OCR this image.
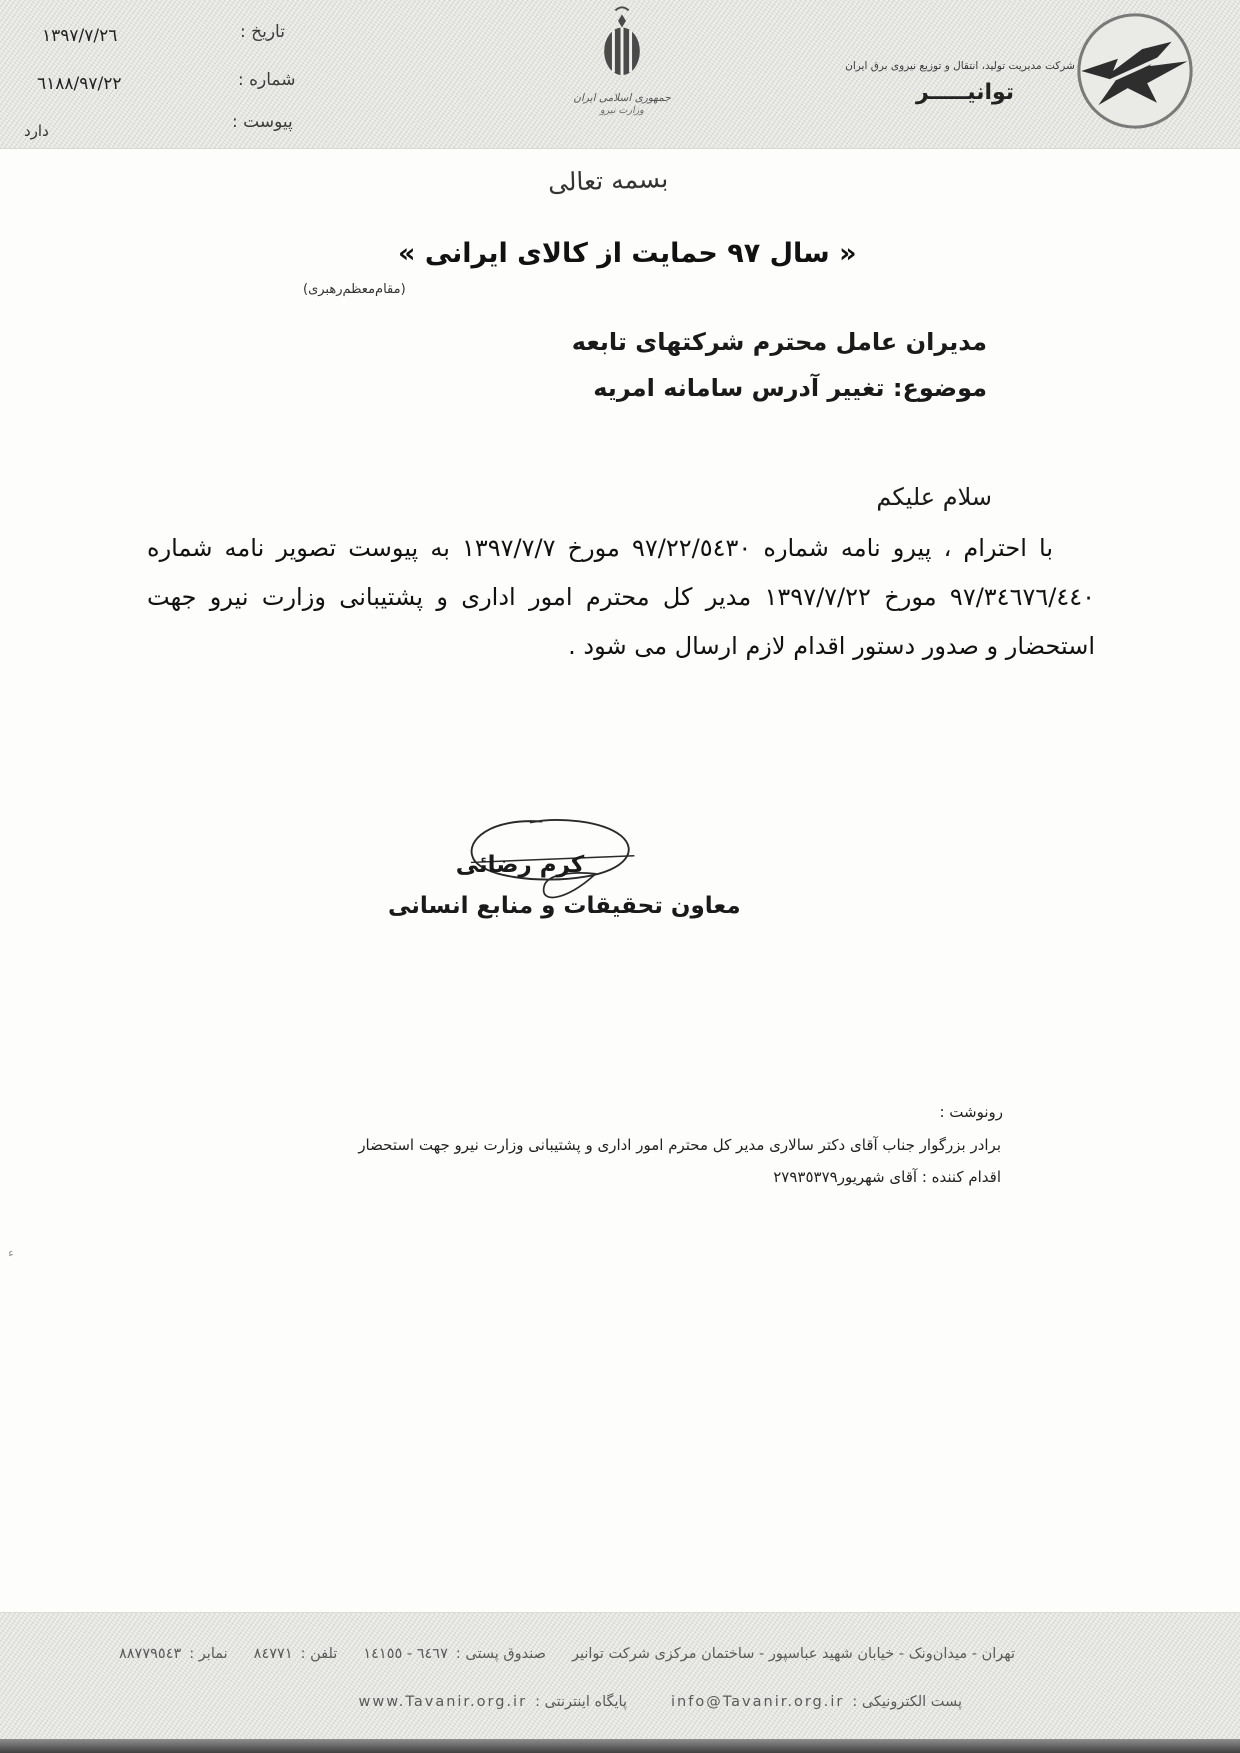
تاریخ :
۱۳۹۷/۷/۲٦
شماره :
۹۷/۲۲/٦۱۸۸
پیوست :
دارد
جمهوری اسلامی ایران
وزارت نیرو
شرکت مدیریت تولید، انتقال و توزیع نیروی برق ایران
توانیـــــر
بسمه تعالی
« سال ۹۷ حمایت از کالای ایرانی »
(مقام‌معظم‌رهبری)
مدیران عامل محترم شرکتهای تابعه
موضوع: تغییر آدرس سامانه امریه
سلام علیکم
با احترام ، پیرو نامه شماره ۹۷/۲۲/٥٤۳۰ مورخ ۱۳۹۷/۷/۷ به پیوست تصویر نامه شماره ۹۷/۳٤٦۷٦/٤٤۰ مورخ ۱۳۹۷/۷/۲۲ مدیر کل محترم امور اداری و پشتیبانی وزارت نیرو جهت استحضار و صدور دستور اقدام لازم ارسال می شود .
کرم رضائی
معاون تحقیقات و منابع انسانی
رونوشت :
برادر بزرگوار جناب آقای دکتر سالاری مدیر کل محترم امور اداری و پشتیبانی وزارت نیرو جهت استحضار
اقدام کننده : آقای شهریور۲۷۹۳٥۳۷۹
ء
تهران - میدان‌ونک - خیابان شهید عباسپور - ساختمان مرکزی شرکت توانیر
صندوق پستی :
٦٤٦۷ - ۱٤۱٥٥
تلفن :
۸٤۷۷۱
نمابر :
۸۸۷۷۹٥٤۳
پست الکترونیکی :
info@Tavanir.org.ir
پایگاه اینترنتی :
www.Tavanir.org.ir
